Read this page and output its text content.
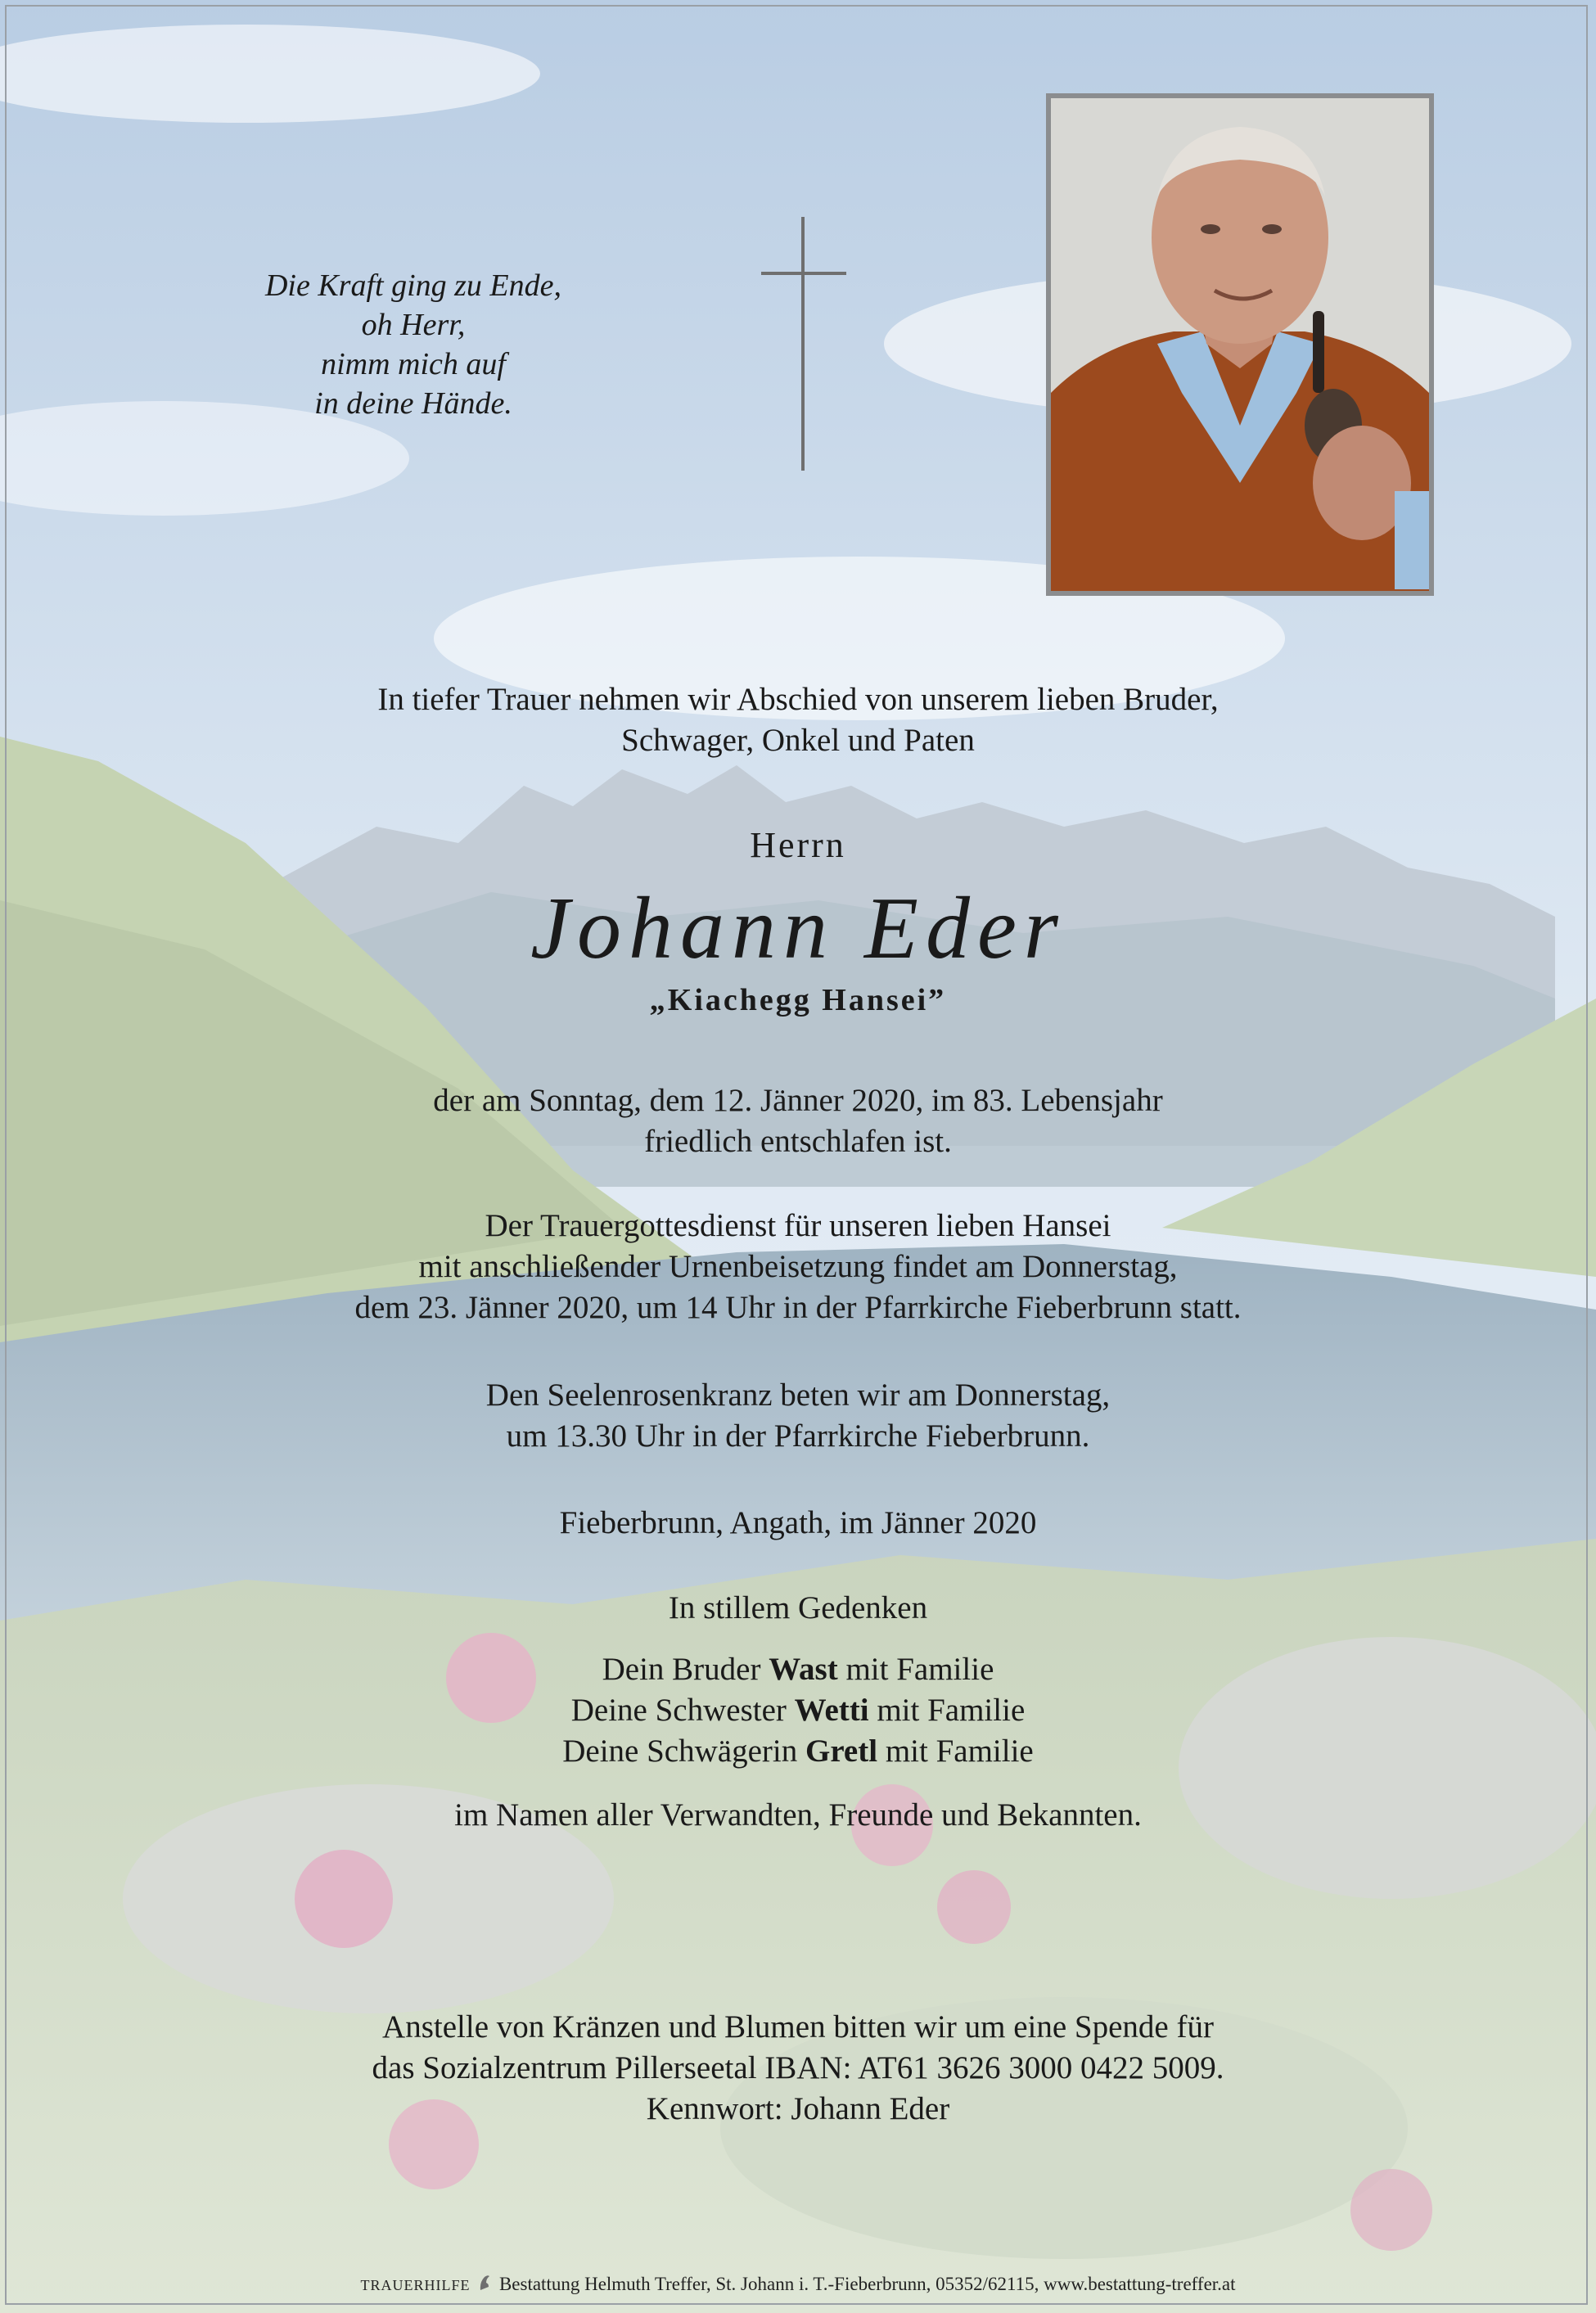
Die Kraft ging zu Ende,
oh Herr,
nimm mich auf
in deine Hände.
In tiefer Trauer nehmen wir Abschied von unserem lieben Bruder,
Schwager, Onkel und Paten
Herrn
Johann Eder
„Kiachegg Hansei”
der am Sonntag, dem 12. Jänner 2020, im 83. Lebensjahr
friedlich entschlafen ist.
Der Trauergottesdienst für unseren lieben Hansei
mit anschließender Urnenbeisetzung findet am Donnerstag,
dem 23. Jänner 2020, um 14 Uhr in der Pfarrkirche Fieberbrunn statt.
Den Seelenrosenkranz beten wir am Donnerstag,
um 13.30 Uhr in der Pfarrkirche Fieberbrunn.
Fieberbrunn, Angath, im Jänner 2020
In stillem Gedenken
Dein Bruder Wast mit Familie
Deine Schwester Wetti mit Familie
Deine Schwägerin Gretl mit Familie
im Namen aller Verwandten, Freunde und Bekannten.
Anstelle von Kränzen und Blumen bitten wir um eine Spende für
das Sozialzentrum Pillerseetal IBAN: AT61 3626 3000 0422 5009.
Kennwort: Johann Eder
TRAUERHILFE Bestattung Helmuth Treffer, St. Johann i. T.-Fieberbrunn, 05352/62115, www.bestattung-treffer.at
